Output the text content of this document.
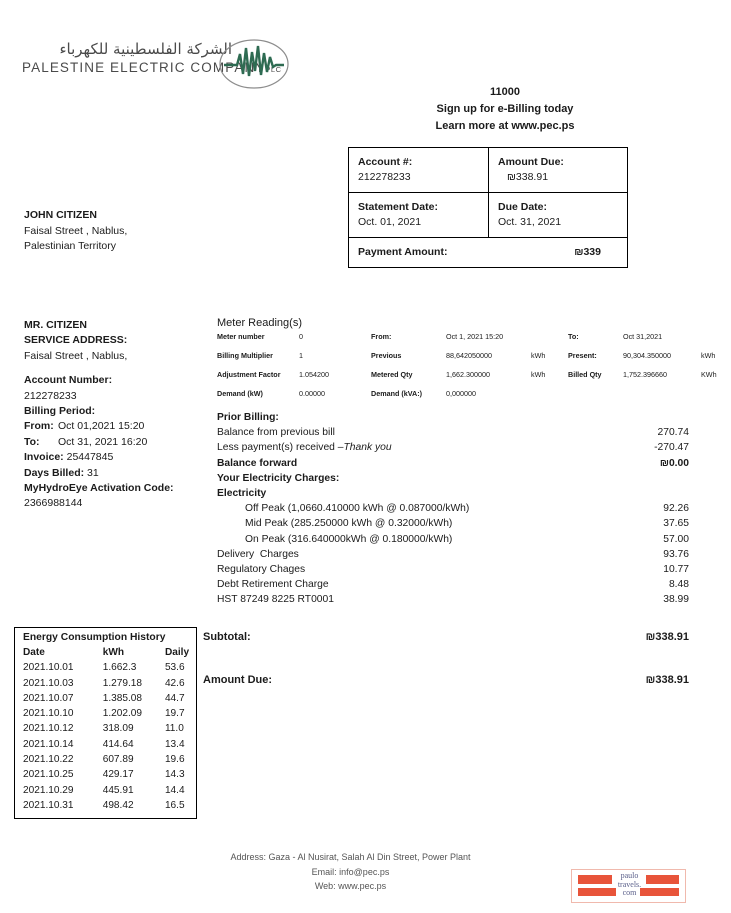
الشركة الفلسطينية للكهرباء
PALESTINE ELECTRIC COMPANYPLC
11000
Sign up for e-Billing today
Learn more at www.pec.ps
Account #:
212278233
Amount Due:
₪338.91
Statement Date:
Oct. 01, 2021
Due Date:
Oct. 31, 2021
Payment Amount:	₪339
JOHN CITIZEN
Faisal Street , Nablus,
Palestinian Territory
MR. CITIZEN
SERVICE ADDRESS:
Faisal Street , Nablus,
Account Number:
212278233
Billing Period:
From: Oct 01,2021 15:20
To:	Oct 31, 2021 16:20
Invoice: 25447845
Days Billed: 31
MyHydroEye Activation Code:
2366988144
Meter Reading(s)
Meter number	0	From:	Oct 1, 2021 15:20	To:	Oct 31,2021
Billing Multiplier	1	Previous	88,642050000	kWh	Present:	90,304.350000	kWh
Adjustment Factor	1.054200	Metered Qty	1,662.300000	kWh	Billed Qty	1,752.396660	KWh
Demand (kW)	0.00000	Demand (kVA:)	0,000000
Prior Billing:
Balance from previous bill	270.74
Less payment(s) received –Thank you	-270.47
Balance forward	₪0.00
Your Electricity Charges:
Electricity
Off Peak (1,0660.410000 kWh @ 0.087000/kWh)	92.26
Mid Peak (285.250000 kWh @ 0.32000/kWh)	37.65
On Peak (316.640000kWh @ 0.180000/kWh)	57.00
Delivery  Charges	93.76
Regulatory Chages	10.77
Debt Retirement Charge	8.48
HST 87249 8225 RT0001	38.99
Energy Consumption History
Date	kWh	Daily
2021.10.01	1.662.3	53.6
2021.10.03	1.279.18	42.6
2021.10.07	1.385.08	44.7
2021.10.10	1.202.09	19.7
2021.10.12	318.09	11.0
2021.10.14	414.64	13.4
2021.10.22	607.89	19.6
2021.10.25	429.17	14.3
2021.10.29	445.91	14.4
2021.10.31	498.42	16.5
Subtotal:	₪338.91
Amount Due:	₪338.91
Address: Gaza - Al Nusirat, Salah Al Din Street, Power Plant
Email: info@pec.ps
Web: www.pec.ps
paulo
travels.
com
